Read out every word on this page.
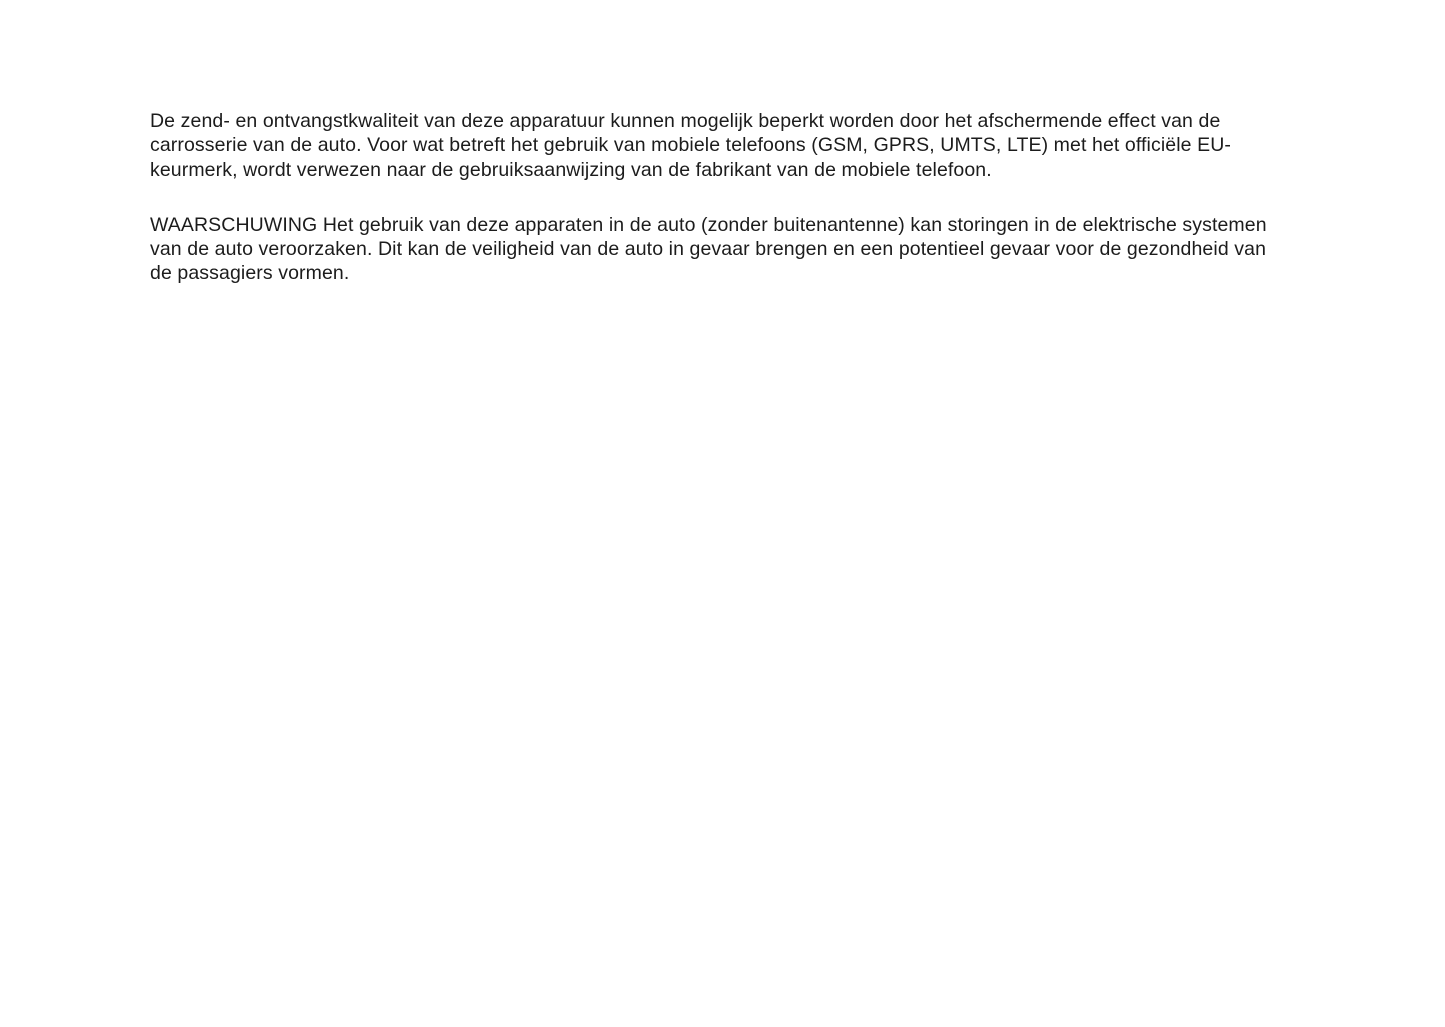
De zend- en ontvangstkwaliteit van deze apparatuur kunnen mogelijk beperkt worden door het afschermende effect van de
carrosserie van de auto. Voor wat betreft het gebruik van mobiele telefoons (GSM, GPRS, UMTS, LTE) met het officiële EU-
keurmerk, wordt verwezen naar de gebruiksaanwijzing van de fabrikant van de mobiele telefoon.
WAARSCHUWING Het gebruik van deze apparaten in de auto (zonder buitenantenne) kan storingen in de elektrische systemen
van de auto veroorzaken. Dit kan de veiligheid van de auto in gevaar brengen en een potentieel gevaar voor de gezondheid van
de passagiers vormen.
